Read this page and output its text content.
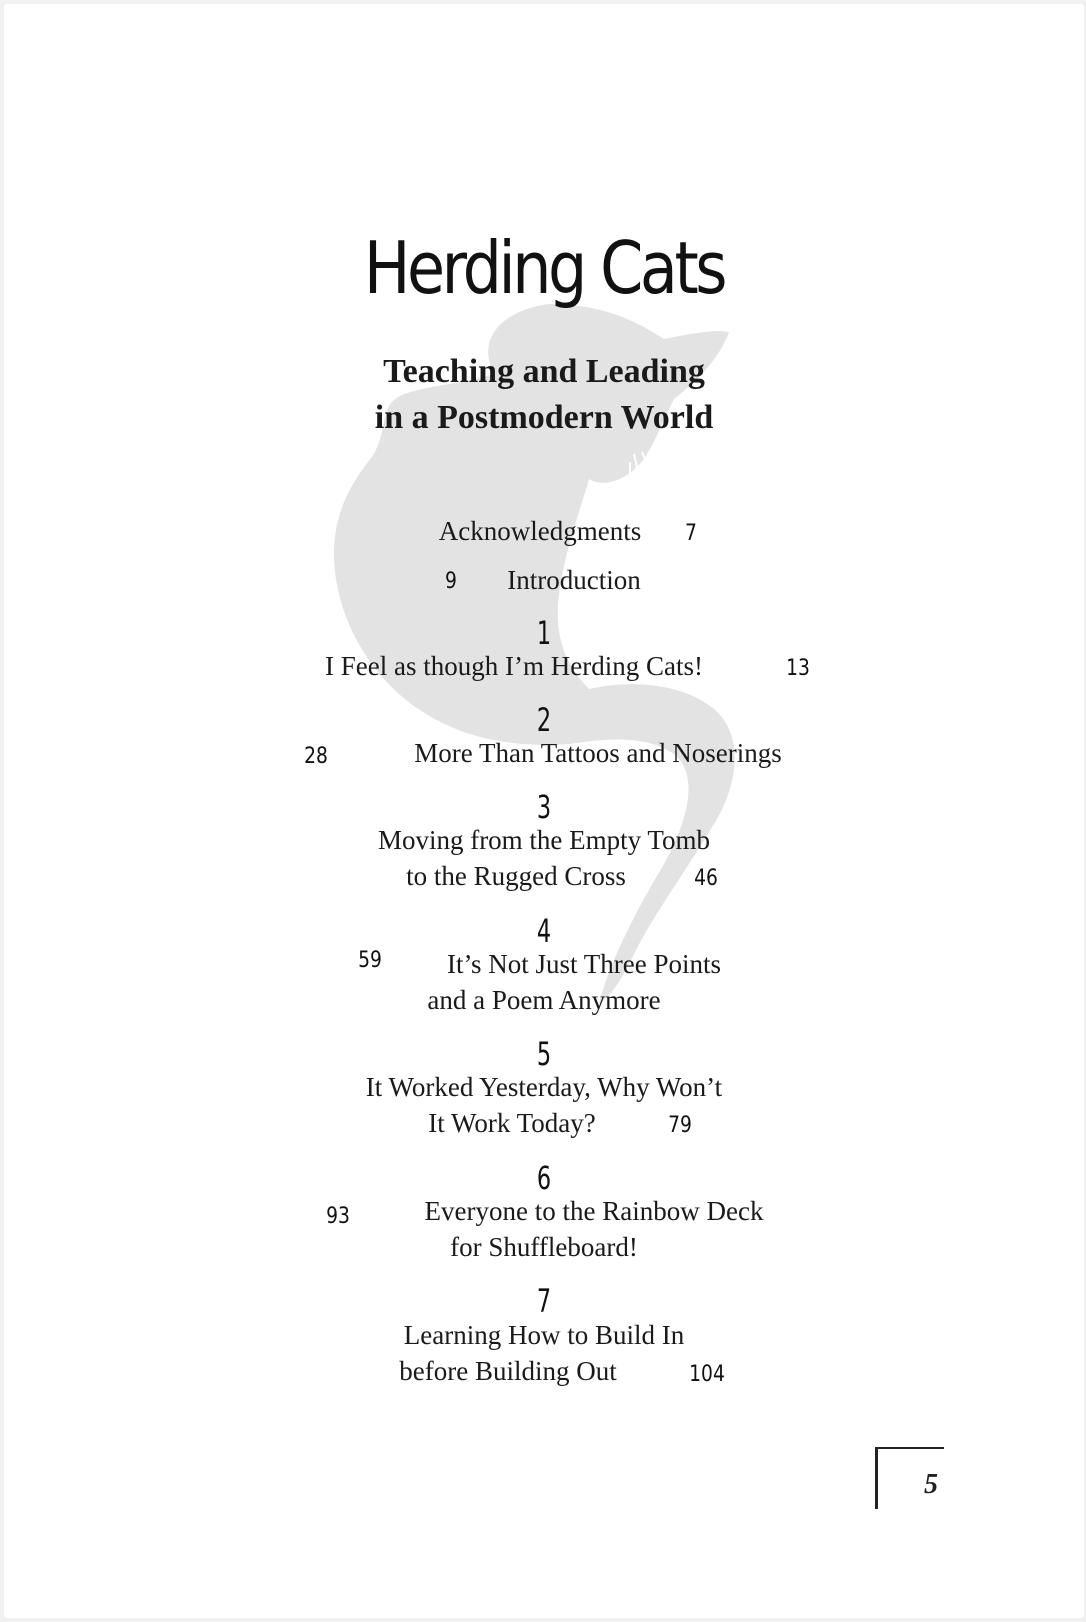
Herding Cats
Teaching and Leading
in a Postmodern World
Acknowledgments	7
9	Introduction
1
I Feel as though I’m Herding Cats!	13
2
28	More Than Tattoos and Noserings
3
Moving from the Empty Tomb
to the Rugged Cross	46
4
59	It’s Not Just Three Points
and a Poem Anymore
5
It Worked Yesterday, Why Won’t
It Work Today?	79
6
93	Everyone to the Rainbow Deck
for Shuffleboard!
7
Learning How to Build In
before Building Out	104
5
